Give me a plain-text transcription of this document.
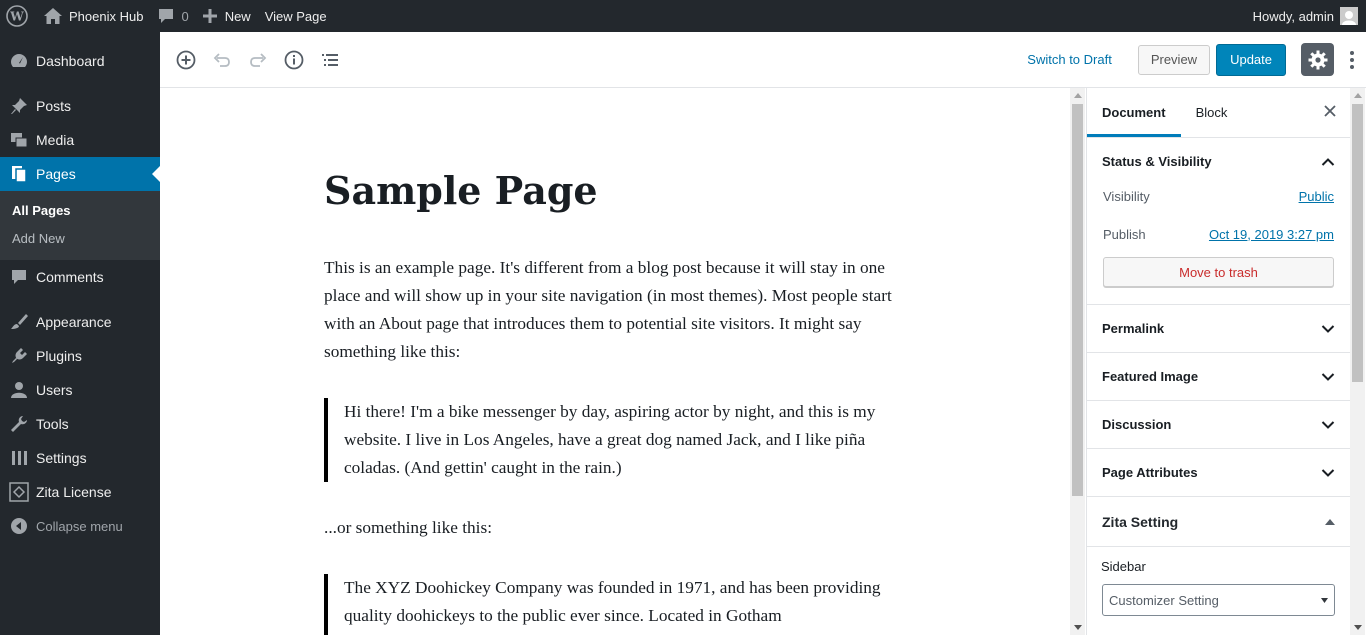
W	Phoenix Hub	0	New View Page	Howdy, admin
Dashboard
Posts
Media
Pages
All Pages
Add New
Comments
Appearance
Plugins
Users
Tools
Settings
Zita License
Collapse menu
Switch to Draft	Preview	Update
Sample Page

This is an example page. It's different from a blog post because it will stay in one place and will show up in your site navigation (in most themes). Most people start with an About page that introduces them to potential site visitors. It might say something like this:

Hi there! I'm a bike messenger by day, aspiring actor by night, and this is my website. I live in Los Angeles, have a great dog named Jack, and I like piña coladas. (And gettin' caught in the rain.)

...or something like this:

The XYZ Doohickey Company was founded in 1971, and has been providing quality doohickeys to the public ever since. Located in Gotham
Document	Block
Status & Visibility
Visibility	Public
Publish	Oct 19, 2019 3:27 pm
Move to trash
Permalink
Featured Image
Discussion
Page Attributes
Zita Setting
Sidebar
Customizer Setting
